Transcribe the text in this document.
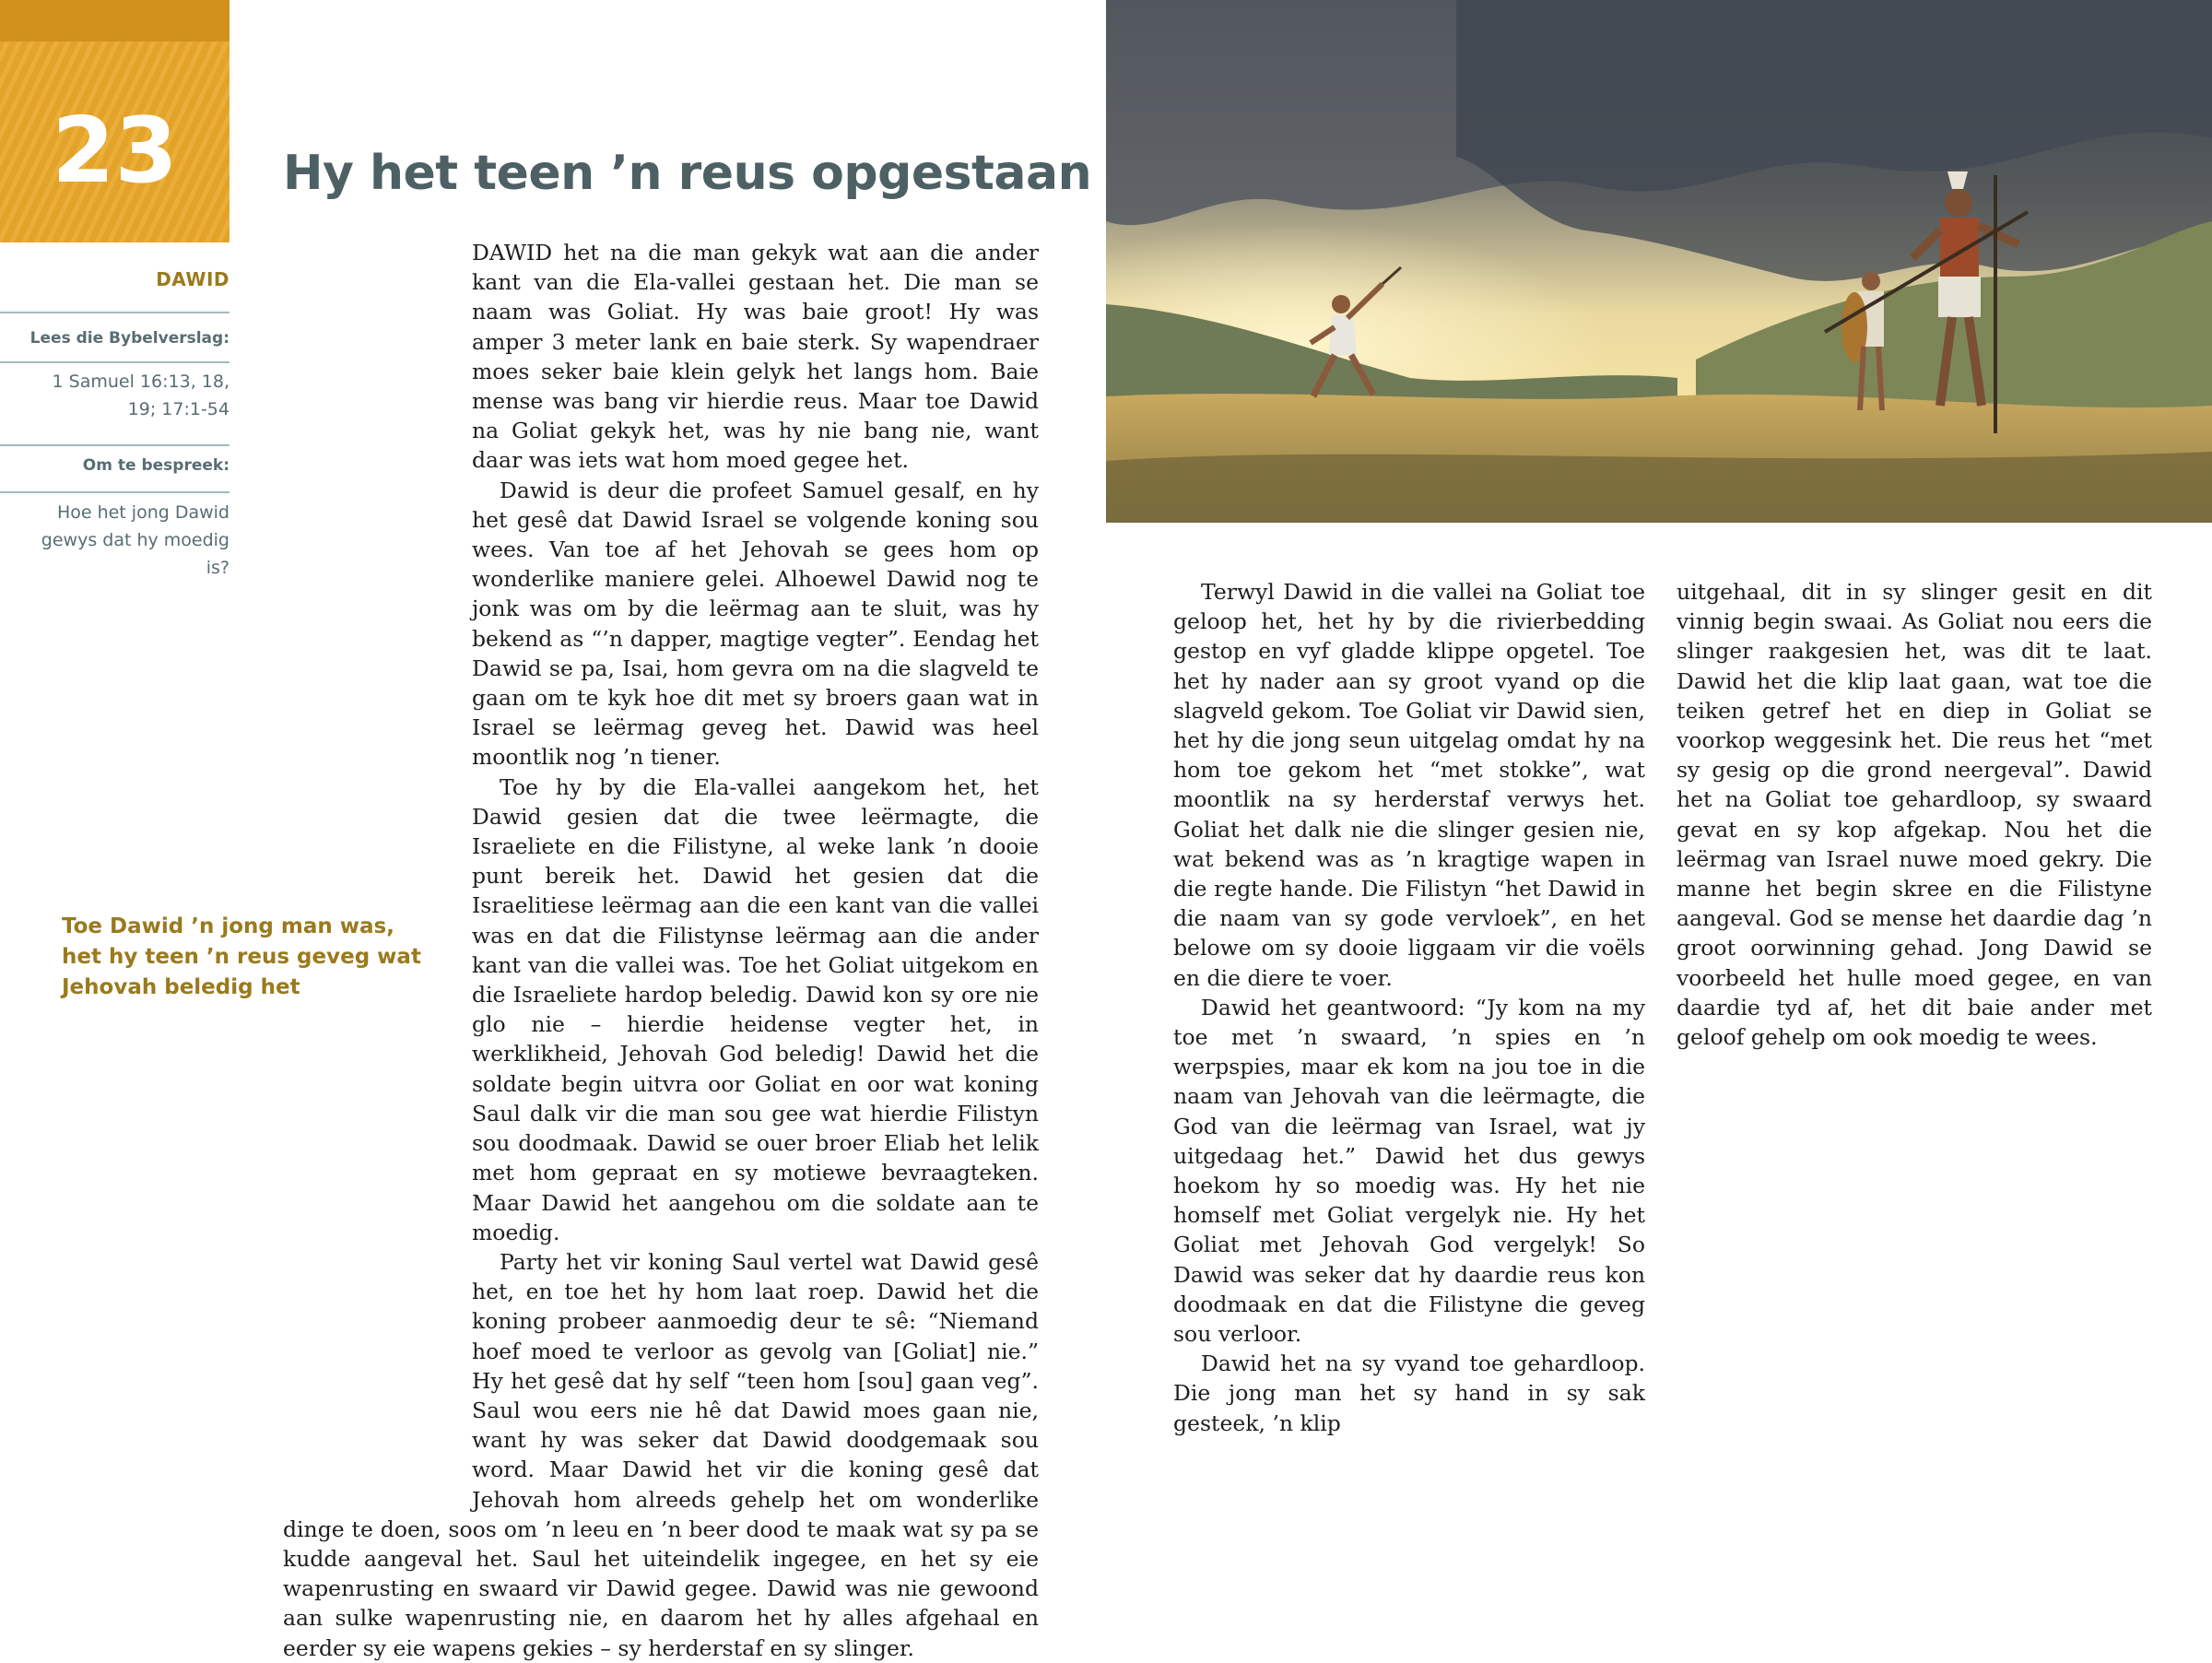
23
DAWID
Lees die Bybelverslag:
1 Samuel 16:13, 18, 19; 17:1-54
Om te bespreek:
Hoe het jong Dawid gewys dat hy moedig is?
Hy het teen ’n reus opgestaan

DAWID het na die man gekyk wat aan die ander kant van die Ela-vallei gestaan het. Die man se naam was Goliat. Hy was baie groot! Hy was amper 3 meter lank en baie sterk. Sy wapendraer moes seker baie klein gelyk het langs hom. Baie mense was bang vir hierdie reus. Maar toe Dawid na Goliat gekyk het, was hy nie bang nie, want daar was iets wat hom moed gegee het.

Dawid is deur die profeet Samuel gesalf, en hy het gesê dat Dawid Israel se volgende koning sou wees. Van toe af het Jehovah se gees hom op wonderlike maniere gelei. Alhoewel Dawid nog te jonk was om by die leërmag aan te sluit, was hy bekend as “’n dapper, magtige vegter”. Eendag het Dawid se pa, Isai, hom gevra om na die slagveld te gaan om te kyk hoe dit met sy broers gaan wat in Israel se leërmag geveg het. Dawid was heel moontlik nog ’n tiener.

Toe hy by die Ela-vallei aangekom het, het Dawid gesien dat die twee leërmagte, die Israeliete en die Filistyne, al weke lank ’n dooie punt bereik het. Dawid het gesien dat die Israelitiese leërmag aan die een kant van die vallei was en dat die Filistynse leërmag aan die ander kant van die vallei was. Toe het Goliat uitgekom en die Israeliete hardop beledig. Dawid kon sy ore nie glo nie – hierdie heidense vegter het, in werklikheid, Jehovah God beledig! Dawid het die soldate begin uitvra oor Goliat en oor wat koning Saul dalk vir die man sou gee wat hierdie Filistyn sou doodmaak. Dawid se ouer broer Eliab het lelik met hom gepraat en sy motiewe bevraagteken. Maar Dawid het aangehou om die soldate aan te moedig.

Party het vir koning Saul vertel wat Dawid gesê het, en toe het hy hom laat roep. Dawid het die koning probeer aanmoedig deur te sê: “Niemand hoef moed te verloor as gevolg van [Goliat] nie.” Hy het gesê dat hy self “teen hom [sou] gaan veg”. Saul wou eers nie hê dat Dawid moes gaan nie, want hy was seker dat Dawid doodgemaak sou word. Maar Dawid het vir die koning gesê dat Jehovah hom alreeds gehelp het om wonderlike dinge te doen, soos om ’n leeu en ’n beer dood te maak wat sy pa se kudde aangeval het. Saul het uiteindelik ingegee, en het sy eie wapenrusting en swaard vir Dawid gegee. Dawid was nie gewoond aan sulke wapenrusting nie, en daarom het hy alles afgehaal en eerder sy eie wapens gekies – sy herderstaf en sy slinger.

Toe Dawid ’n jong man was, het hy teen ’n reus geveg wat Jehovah beledig het

Terwyl Dawid in die vallei na Goliat toe geloop het, het hy by die rivierbedding gestop en vyf gladde klippe opgetel. Toe het hy nader aan sy groot vyand op die slagveld gekom. Toe Goliat vir Dawid sien, het hy die jong seun uitgelag omdat hy na hom toe gekom het “met stokke”, wat moontlik na sy herderstaf verwys het. Goliat het dalk nie die slinger gesien nie, wat bekend was as ’n kragtige wapen in die regte hande. Die Filistyn “het Dawid in die naam van sy gode vervloek”, en het belowe om sy dooie liggaam vir die voëls en die diere te voer.

Dawid het geantwoord: “Jy kom na my toe met ’n swaard, ’n spies en ’n werpspies, maar ek kom na jou toe in die naam van Jehovah van die leërmagte, die God van die leërmag van Israel, wat jy uitgedaag het.” Dawid het dus gewys hoekom hy so moedig was. Hy het nie homself met Goliat vergelyk nie. Hy het Goliat met Jehovah God vergelyk! So Dawid was seker dat hy daardie reus kon doodmaak en dat die Filistyne die geveg sou verloor.

Dawid het na sy vyand toe gehardloop. Die jong man het sy hand in sy sak gesteek, ’n klip

uitgehaal, dit in sy slinger gesit en dit vinnig begin swaai. As Goliat nou eers die slinger raakgesien het, was dit te laat. Dawid het die klip laat gaan, wat toe die teiken getref het en diep in Goliat se voorkop weggesink het. Die reus het “met sy gesig op die grond neergeval”. Dawid het na Goliat toe gehardloop, sy swaard gevat en sy kop afgekap. Nou het die leërmag van Israel nuwe moed gekry. Die manne het begin skree en die Filistyne aangeval. God se mense het daardie dag ’n groot oorwinning gehad. Jong Dawid se voorbeeld het hulle moed gegee, en van daardie tyd af, het dit baie ander met geloof gehelp om ook moedig te wees.
